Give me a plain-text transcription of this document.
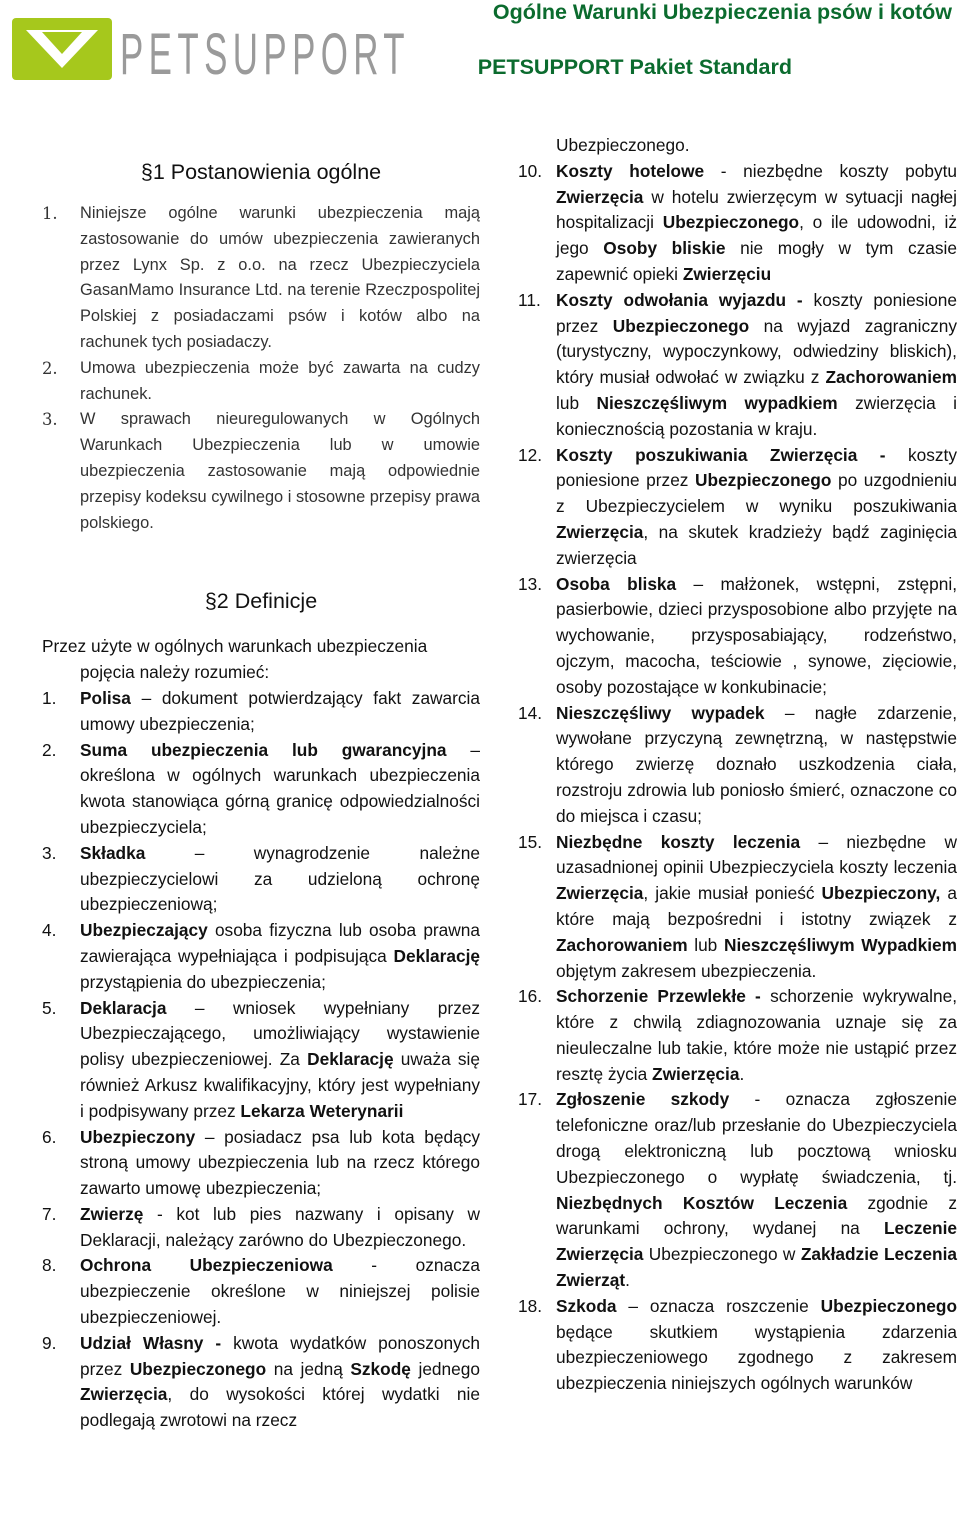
PETSUPPORT

Ogólne Warunki Ubezpieczenia psów i kotów

PETSUPPORT Pakiet Standard

§1 Postanowienia ogólne

1.	Niniejsze ogólne warunki ubezpieczenia mają zastosowanie do umów ubezpieczenia zawieranych przez Lynx Sp. z o.o. na rzecz Ubezpieczyciela GasanMamo Insurance Ltd. na terenie Rzeczpospolitej Polskiej z posiadaczami psów i kotów albo na rachunek tych posiadaczy.
2.	Umowa ubezpieczenia może być zawarta na cudzy rachunek.
3.	W sprawach nieuregulowanych w Ogólnych Warunkach Ubezpieczenia lub w umowie ubezpieczenia zastosowanie mają odpowiednie przepisy kodeksu cywilnego i stosowne przepisy prawa polskiego.

§2 Definicje

Przez użyte w ogólnych warunkach ubezpieczenia
pojęcia należy rozumieć:
1.	Polisa – dokument potwierdzający fakt zawarcia umowy ubezpieczenia;
2.	Suma ubezpieczenia lub gwarancyjna – określona w ogólnych warunkach ubezpieczenia kwota stanowiąca górną granicę odpowiedzialności ubezpieczyciela;
3.	Składka – wynagrodzenie należne ubezpieczycielowi za udzieloną ochronę ubezpieczeniową;
4.	Ubezpieczający osoba fizyczna lub osoba prawna zawierająca wypełniająca i podpisująca Deklarację przystąpienia do ubezpieczenia;
5.	Deklaracja – wniosek wypełniany przez Ubezpieczającego, umożliwiający wystawienie polisy ubezpieczeniowej. Za Deklarację uważa się również Arkusz kwalifikacyjny, który jest wypełniany i podpisywany przez Lekarza Weterynarii
6.	Ubezpieczony – posiadacz psa lub kota będący stroną umowy ubezpieczenia lub na rzecz którego zawarto umowę ubezpieczenia;
7.	Zwierzę - kot lub pies nazwany i opisany w Deklaracji, należący zarówno do Ubezpieczonego.
8.	Ochrona Ubezpieczeniowa - oznacza ubezpieczenie określone w niniejszej polisie ubezpieczeniowej.
9.	Udział Własny - kwota wydatków ponoszonych przez Ubezpieczonego na jedną Szkodę jednego Zwierzęcia, do wysokości której wydatki nie podlegają zwrotowi na rzecz
Ubezpieczonego.
10. Koszty hotelowe - niezbędne koszty pobytu Zwierzęcia w hotelu zwierzęcym w sytuacji nagłej hospitalizacji Ubezpieczonego, o ile udowodni, iż jego Osoby bliskie nie mogły w tym czasie zapewnić opieki Zwierzęciu
11. Koszty odwołania wyjazdu - koszty poniesione przez Ubezpieczonego na wyjazd zagraniczny (turystyczny, wypoczynkowy, odwiedziny bliskich), który musiał odwołać w związku z Zachorowaniem lub Nieszczęśliwym wypadkiem zwierzęcia i koniecznością pozostania w kraju.
12. Koszty poszukiwania Zwierzęcia - koszty poniesione przez Ubezpieczonego po uzgodnieniu z Ubezpieczycielem w wyniku poszukiwania Zwierzęcia, na skutek kradzieży bądź zaginięcia zwierzęcia
13. Osoba bliska – małżonek, wstępni, zstępni, pasierbowie, dzieci przysposobione albo przyjęte na wychowanie, przysposabiający, rodzeństwo, ojczym, macocha, teściowie , synowe, zięciowie, osoby pozostające w konkubinacie;
14. Nieszczęśliwy wypadek – nagłe zdarzenie, wywołane przyczyną zewnętrzną, w następstwie którego zwierzę doznało uszkodzenia ciała, rozstroju zdrowia lub poniosło śmierć, oznaczone co do miejsca i czasu;
15. Niezbędne koszty leczenia – niezbędne w uzasadnionej opinii Ubezpieczyciela koszty leczenia Zwierzęcia, jakie musiał ponieść Ubezpieczony, a które mają bezpośredni i istotny związek z Zachorowaniem lub Nieszczęśliwym Wypadkiem objętym zakresem ubezpieczenia.
16. Schorzenie Przewlekłe - schorzenie wykrywalne, które z chwilą zdiagnozowania uznaje się za nieuleczalne lub takie, które może nie ustąpić przez resztę życia Zwierzęcia.
17. Zgłoszenie szkody - oznacza zgłoszenie telefoniczne oraz/lub przesłanie do Ubezpieczyciela drogą elektroniczną lub pocztową wniosku Ubezpieczonego o wypłatę świadczenia, tj. Niezbędnych Kosztów Leczenia zgodnie z warunkami ochrony, wydanej na Leczenie Zwierzęcia Ubezpieczonego w Zakładzie Leczenia Zwierząt.
18. Szkoda – oznacza roszczenie Ubezpieczonego będące skutkiem wystąpienia zdarzenia ubezpieczeniowego zgodnego z zakresem ubezpieczenia niniejszych ogólnych warunków
